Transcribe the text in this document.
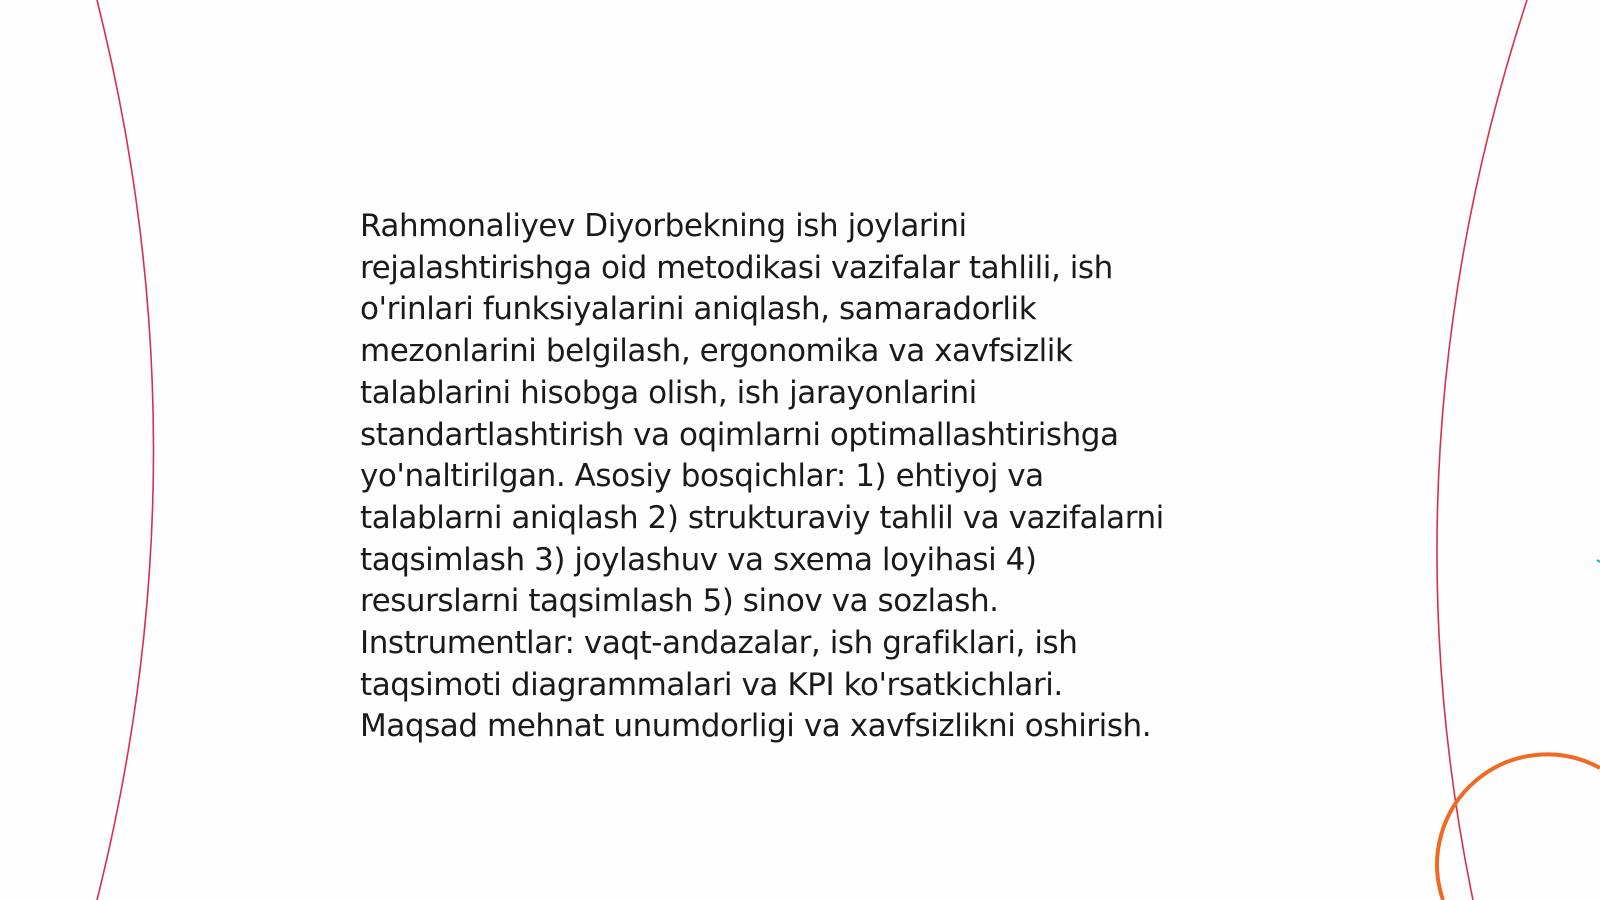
Rahmonaliyev Diyorbekning ish joylarini
rejalashtirishga oid metodikasi vazifalar tahlili, ish
o'rinlari funksiyalarini aniqlash, samaradorlik
mezonlarini belgilash, ergonomika va xavfsizlik
talablarini hisobga olish, ish jarayonlarini
standartlashtirish va oqimlarni optimallashtirishga
yo'naltirilgan. Asosiy bosqichlar: 1) ehtiyoj va
talablarni aniqlash 2) strukturaviy tahlil va vazifalarni
taqsimlash 3) joylashuv va sxema loyihasi 4)
resurslarni taqsimlash 5) sinov va sozlash.
Instrumentlar: vaqt-andazalar, ish grafiklari, ish
taqsimoti diagrammalari va KPI ko'rsatkichlari.
Maqsad mehnat unumdorligi va xavfsizlikni oshirish.
